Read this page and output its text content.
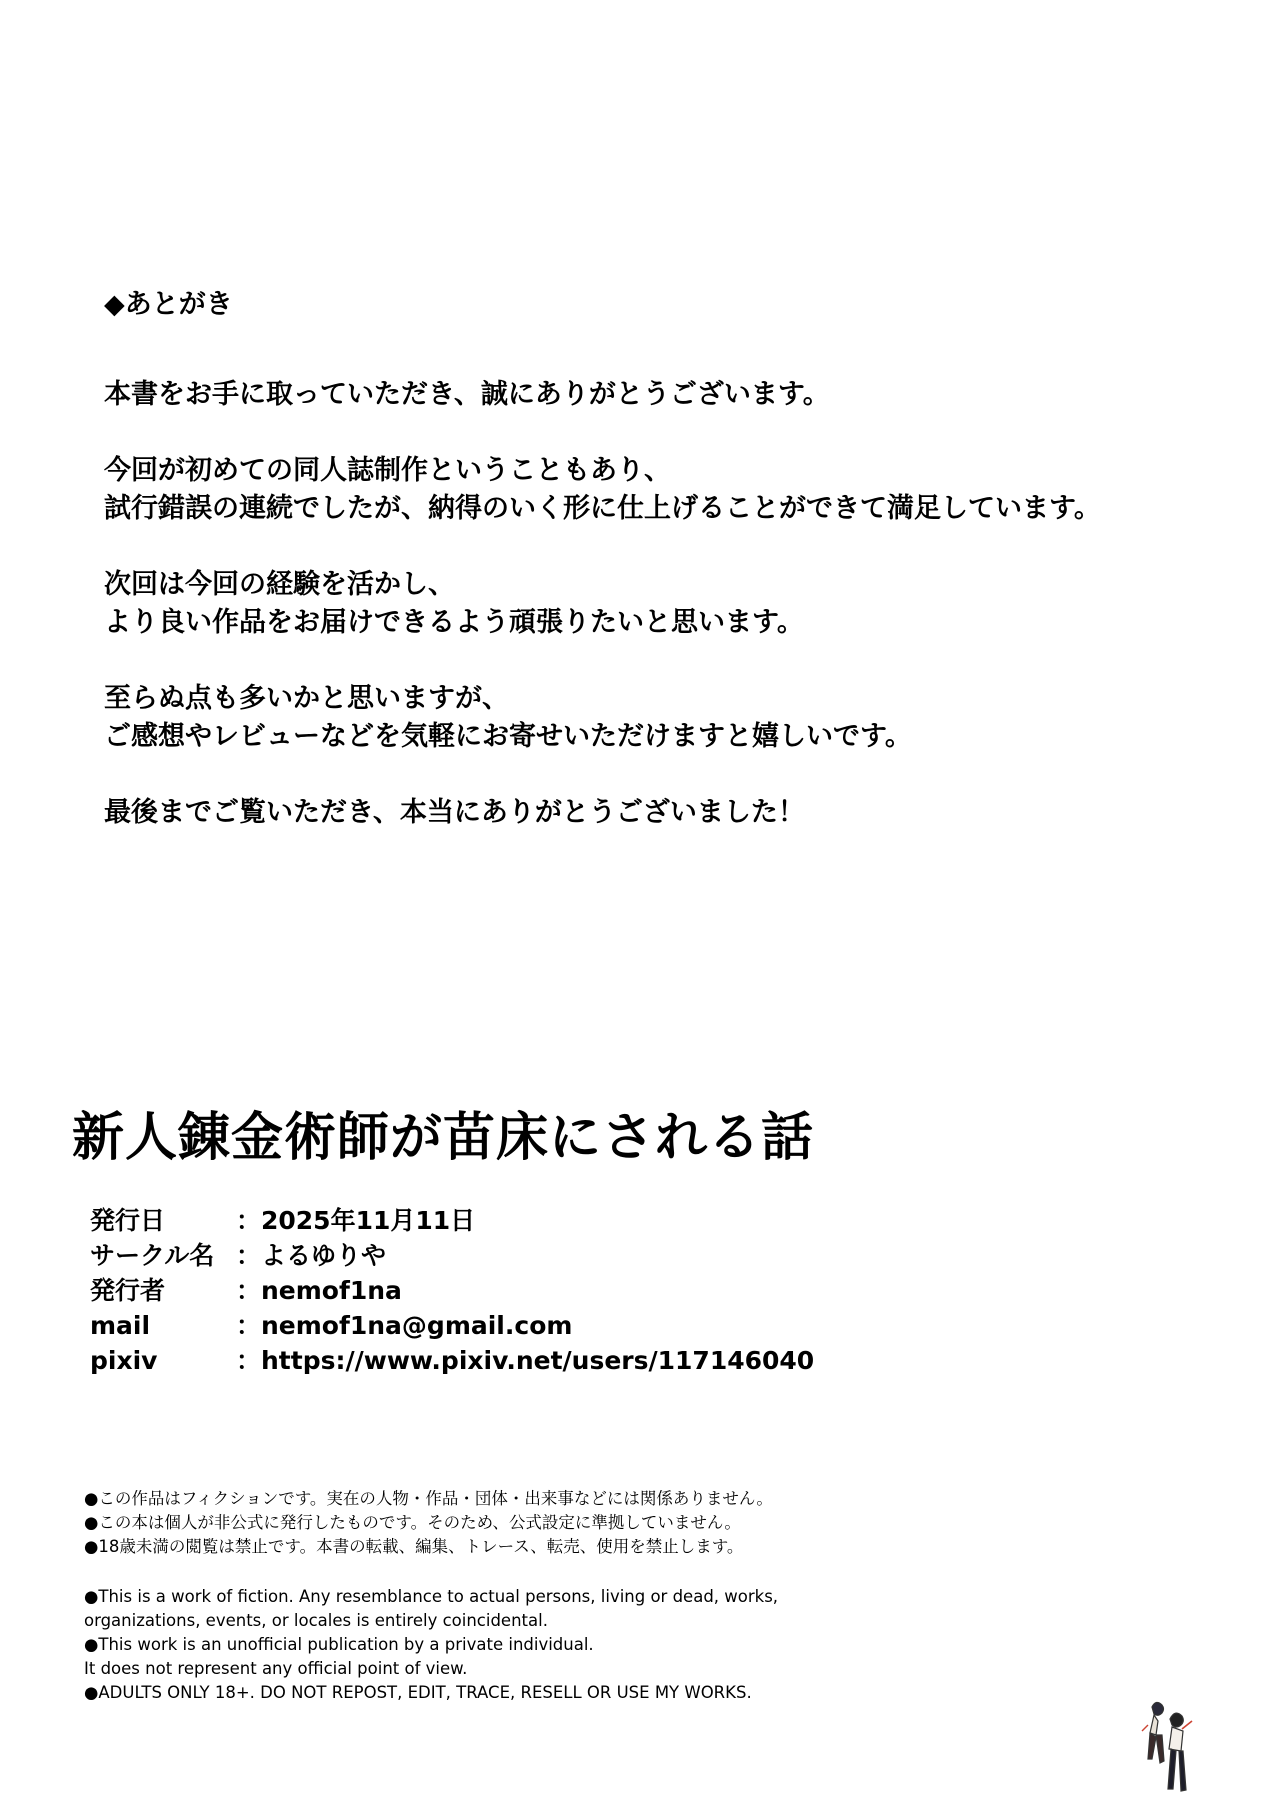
◆あとがき

本書をお手に取っていただき、誠にありがとうございます。

今回が初めての同人誌制作ということもあり、
試行錯誤の連続でしたが、納得のいく形に仕上げることができて満足しています。

次回は今回の経験を活かし、
より良い作品をお届けできるよう頑張りたいと思います。

至らぬ点も多いかと思いますが、
ご感想やレビューなどを気軽にお寄せいただけますと嬉しいです。

最後までご覧いただき、本当にありがとうございました！

新人錬金術師が苗床にされる話
発行日	：2025年11月11日
サークル名 ：よるゆりや
発行者	：nemof1na
mail	：nemof1na@gmail.com
pixiv	：https://www.pixiv.net/users/117146040
●この作品はフィクションです。実在の人物・作品・団体・出来事などには関係ありません。
●この本は個人が非公式に発行したものです。そのため、公式設定に準拠していません。
●18歳未満の閲覧は禁止です。本書の転載、編集、トレース、転売、使用を禁止します。
●This is a work of fiction. Any resemblance to actual persons, living or dead, works,
organizations, events, or locales is entirely coincidental.
●This work is an unofficial publication by a private individual.
It does not represent any official point of view.
●ADULTS ONLY 18+. DO NOT REPOST, EDIT, TRACE, RESELL OR USE MY WORKS.
